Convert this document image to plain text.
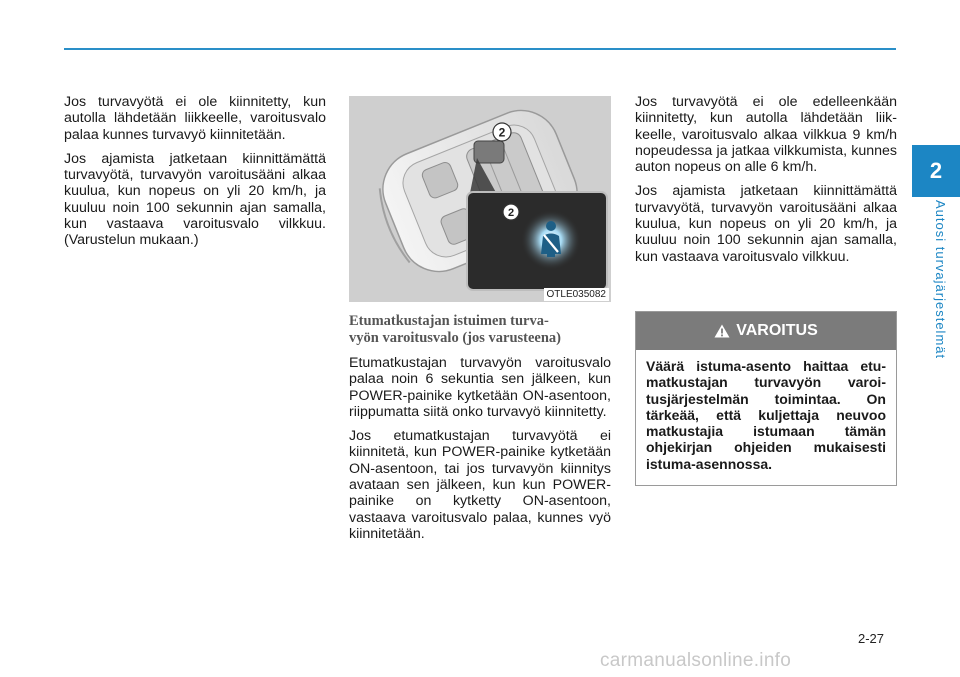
2
Autosi turvajärjestelmät

Jos turvavyötä ei ole kiinnitetty, kun autolla lähdetään liikkeelle, varoitusvalo palaa kunnes turvavyö kiinnitetään.

Jos ajamista jatketaan kiinnittämättä turvavyötä, turvavyön varoitusääni alkaa kuulua, kun nopeus on yli 20 km/h, ja kuuluu noin 100 sekunnin ajan samalla, kun vastaava varoitusvalo vilkkuu. (Varustelun mukaan.)

2
2
OTLE035082
Etumatkustajan istuimen turva-
vyön varoitusvalo (jos varusteena)

Etumatkustajan turvavyön varoitusvalo palaa noin 6 sekuntia sen jälkeen, kun POWER-painike kytketään ON-asentoon, riippumatta siitä onko turvavyö kiinnitetty.

Jos etumatkustajan turvavyötä ei kiinnitetä, kun POWER-painike kytketään ON-asentoon, tai jos turvavyön kiinnitys avataan sen jälkeen, kun kun POWER-painike on kytketty ON-asentoon, vastaava varoitusvalo palaa, kunnes vyö kiinnitetään.

Jos turvavyötä ei ole edelleenkään kiinnitetty, kun autolla lähdetään liikkeelle, varoitusvalo alkaa vilkkua 9 km/h nopeudessa ja jatkaa vilkkumista, kunnes auton nopeus on alle 6 km/h.

Jos ajamista jatketaan kiinnittämättä turvavyötä, turvavyön varoitusääni alkaa kuulua, kun nopeus on yli 20 km/h, ja kuuluu noin 100 sekunnin ajan samalla, kun vastaava varoitusvalo vilkkuu.

VAROITUS
Väärä istuma-asento haittaa etumatkustajan turvavyön varoitusjärjestelmän toimintaa. On tärkeää, että kuljettaja neuvoo matkustajia istumaan tämän ohjekirjan ohjeiden mukaisesti istuma-asennossa.
2-27
carmanualsonline.info
